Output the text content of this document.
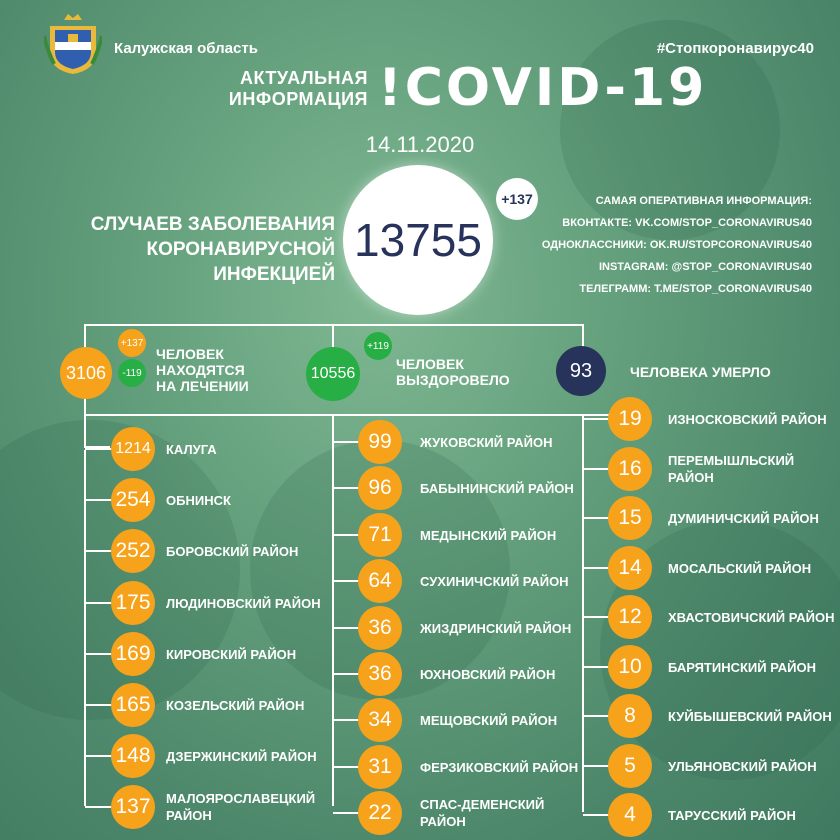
Калужская область	#Стопкоронавирус40
АКТУАЛЬНАЯ
ИНФОРМАЦИЯ !COVID-19
14.11.2020
СЛУЧАЕВ ЗАБОЛЕВАНИЯ
КОРОНАВИРУСНОЙ ИНФЕКЦИЕЙ
13755
+137	САМАЯ ОПЕРАТИВНАЯ ИНФОРМАЦИЯ:
ВКОНТАКТЕ: VK.COM/STOP_CORONAVIRUS40
ОДНОКЛАССНИКИ: OK.RU/STOPCORONAVIRUS40
INSTAGRAM: @STOP_CORONAVIRUS40
ТЕЛЕГРАММ: T.ME/STOP_CORONAVIRUS40
3106
+137
-119
ЧЕЛОВЕК
НАХОДЯТСЯ
НА ЛЕЧЕНИИ
10556
+119
ЧЕЛОВЕК
ВЫЗДОРОВЕЛО	93	ЧЕЛОВЕКА УМЕРЛО
1214 КАЛУГА
254 ОБНИНСК
252 БОРОВСКИЙ РАЙОН
175 ЛЮДИНОВСКИЙ РАЙОН
169 КИРОВСКИЙ РАЙОН
165 КОЗЕЛЬСКИЙ РАЙОН
148 ДЗЕРЖИНСКИЙ РАЙОН
137 МАЛОЯРОСЛАВЕЦКИЙ
РАЙОН
99 ЖУКОВСКИЙ РАЙОН
96 БАБЫНИНСКИЙ РАЙОН
71 МЕДЫНСКИЙ РАЙОН
64 СУХИНИЧСКИЙ РАЙОН
36 ЖИЗДРИНСКИЙ РАЙОН
36 ЮХНОВСКИЙ РАЙОН
34 МЕЩОВСКИЙ РАЙОН
31 ФЕРЗИКОВСКИЙ РАЙОН
22 СПАС-ДЕМЕНСКИЙ
РАЙОН
19 ИЗНОСКОВСКИЙ РАЙОН
16 ПЕРЕМЫШЛЬСКИЙ
РАЙОН
15 ДУМИНИЧСКИЙ РАЙОН
14 МОСАЛЬСКИЙ РАЙОН
12 ХВАСТОВИЧСКИЙ РАЙОН
10 БАРЯТИНСКИЙ РАЙОН
8 КУЙБЫШЕВСКИЙ РАЙОН
5 УЛЬЯНОВСКИЙ РАЙОН
4 ТАРУССКИЙ РАЙОН
